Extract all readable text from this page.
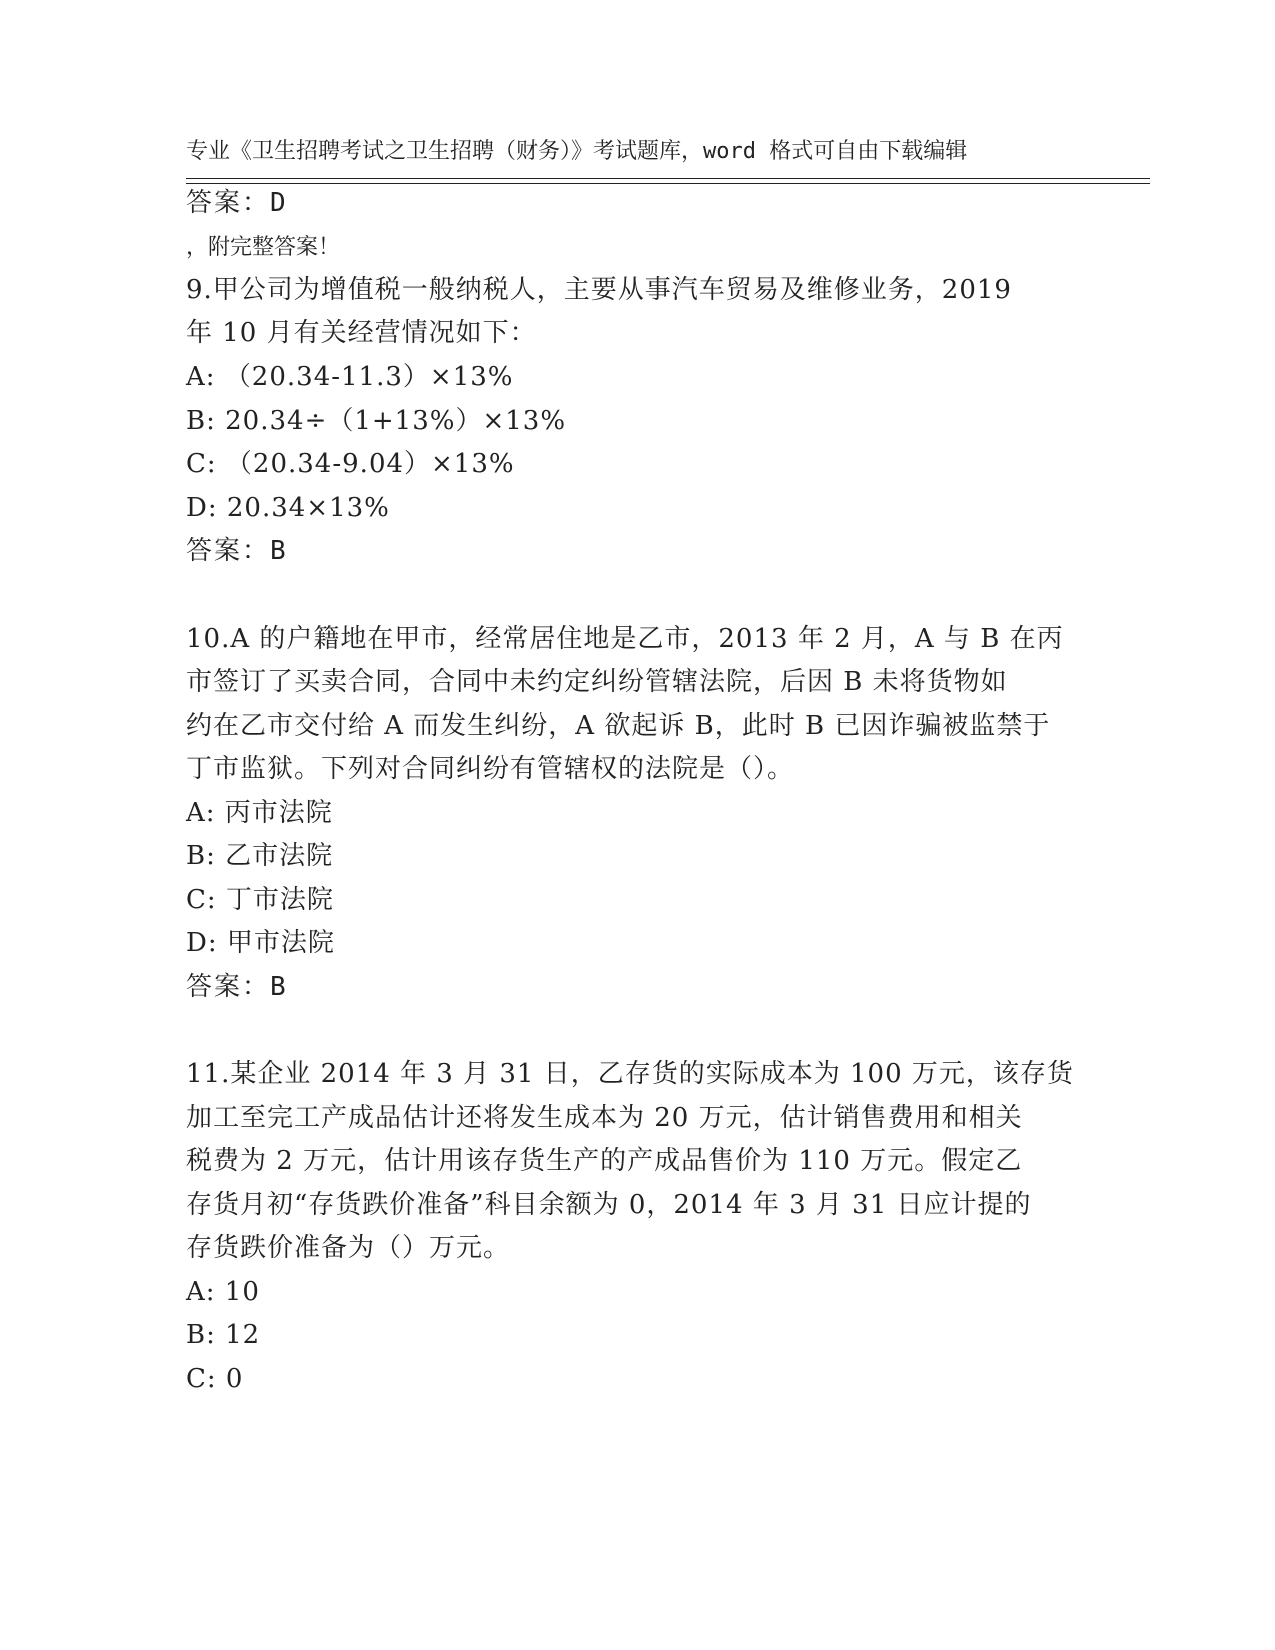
专业《卫生招聘考试之卫生招聘（财务）》考试题库，word 格式可自由下载编辑

，附完整答案！

答案：D
9.甲公司为增值税一般纳税人，主要从事汽车贸易及维修业务，2019
年 10 月有关经营情况如下：
A: （20.34-11.3）×13%
B: 20.34÷（1+13%）×13%
C: （20.34-9.04）×13%
D: 20.34×13%
答案：B
10.A 的户籍地在甲市，经常居住地是乙市，2013 年 2 月，A 与 B 在丙
市签订了买卖合同，合同中未约定纠纷管辖法院，后因 B 未将货物如
约在乙市交付给 A 而发生纠纷，A 欲起诉 B，此时 B 已因诈骗被监禁于
丁市监狱。下列对合同纠纷有管辖权的法院是（）。
A: 丙市法院
B: 乙市法院
C: 丁市法院
D: 甲市法院
答案：B
11.某企业 2014 年 3 月 31 日，乙存货的实际成本为 100 万元，该存货
加工至完工产成品估计还将发生成本为 20 万元，估计销售费用和相关
税费为 2 万元，估计用该存货生产的产成品售价为 110 万元。假定乙
存货月初“存货跌价准备”科目余额为 0，2014 年 3 月 31 日应计提的
存货跌价准备为（）万元。
A: 10
B: 12
C: 0
